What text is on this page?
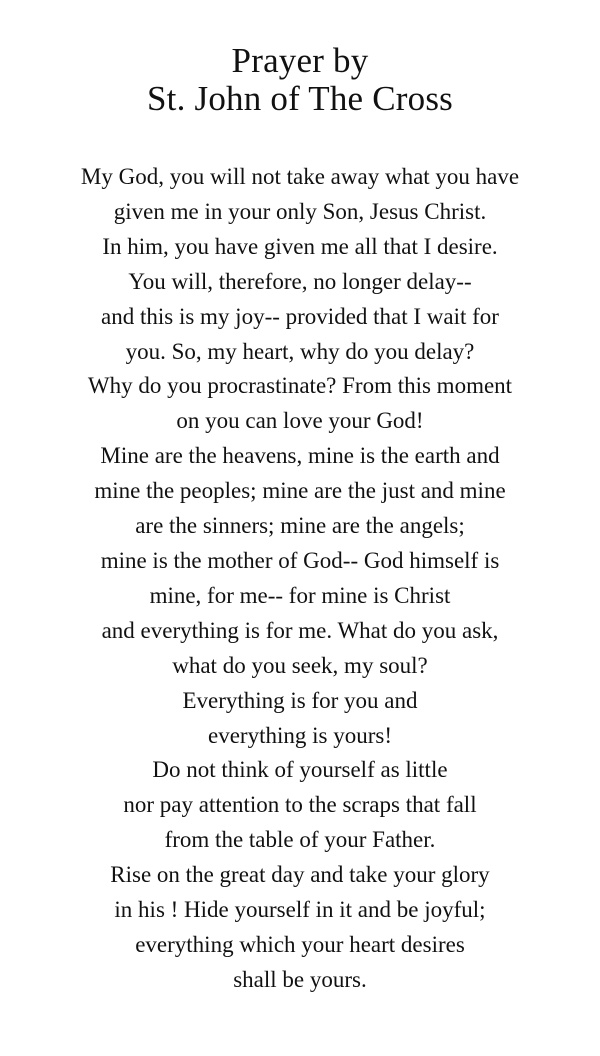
Prayer by
St. John of The Cross
My God, you will not take away what you have
given me in your only Son, Jesus Christ.
In him, you have given me all that I desire.
You will, therefore, no longer delay--
and this is my joy-- provided that I wait for
you. So, my heart, why do you delay?
Why do you procrastinate? From this moment
on you can love your God!
Mine are the heavens, mine is the earth and
mine the peoples; mine are the just and mine
are the sinners; mine are the angels;
mine is the mother of God-- God himself is
mine, for me-- for mine is Christ
and everything is for me. What do you ask,
what do you seek, my soul?
Everything is for you and
everything is yours!
Do not think of yourself as little
nor pay attention to the scraps that fall
from the table of your Father.
Rise on the great day and take your glory
in his ! Hide yourself in it and be joyful;
everything which your heart desires
shall be yours.
